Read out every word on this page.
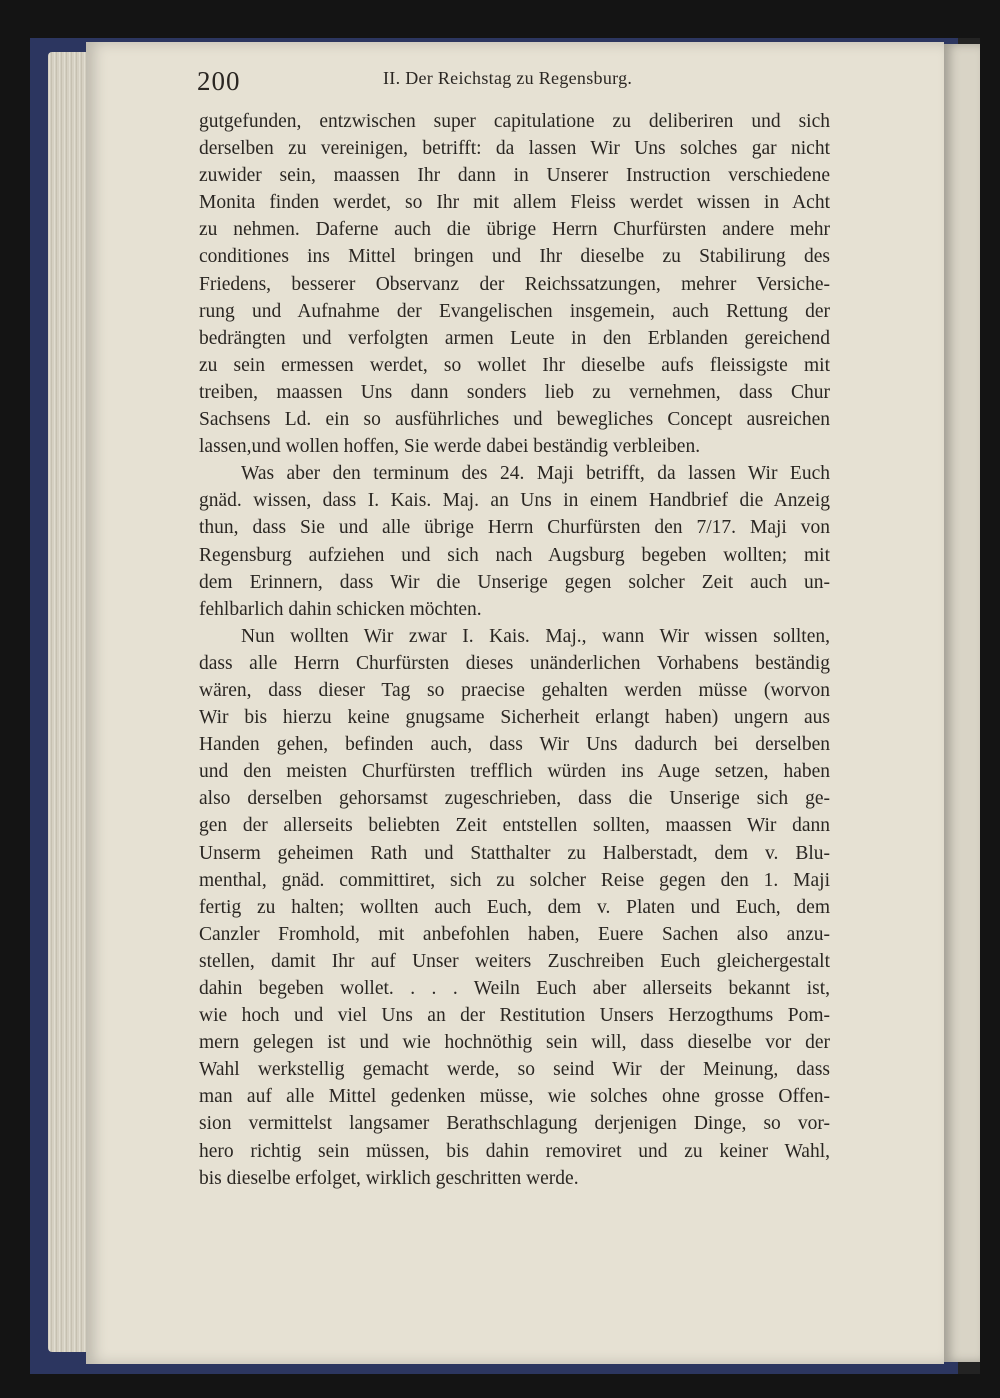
200	II. Der Reichstag zu Regensburg.
gutgefunden, entzwischen super capitulatione zu deliberiren und sich
derselben zu vereinigen, betrifft: da lassen Wir Uns solches gar nicht
zuwider sein, maassen Ihr dann in Unserer Instruction verschiedene
Monita finden werdet, so Ihr mit allem Fleiss werdet wissen in Acht
zu nehmen. Daferne auch die übrige Herrn Churfürsten andere mehr
conditiones ins Mittel bringen und Ihr dieselbe zu Stabilirung des
Friedens, besserer Observanz der Reichssatzungen, mehrer Versiche-
rung und Aufnahme der Evangelischen insgemein, auch Rettung der
bedrängten und verfolgten armen Leute in den Erblanden gereichend
zu sein ermessen werdet, so wollet Ihr dieselbe aufs fleissigste mit
treiben, maassen Uns dann sonders lieb zu vernehmen, dass Chur
Sachsens Ld. ein so ausführliches und bewegliches Concept ausreichen
lassen,und wollen hoffen, Sie werde dabei beständig verbleiben.
Was aber den terminum des 24. Maji betrifft, da lassen Wir Euch
gnäd. wissen, dass I. Kais. Maj. an Uns in einem Handbrief die Anzeig
thun, dass Sie und alle übrige Herrn Churfürsten den 7/17. Maji von
Regensburg aufziehen und sich nach Augsburg begeben wollten; mit
dem Erinnern, dass Wir die Unserige gegen solcher Zeit auch un-
fehlbarlich dahin schicken möchten.
Nun wollten Wir zwar I. Kais. Maj., wann Wir wissen sollten,
dass alle Herrn Churfürsten dieses unänderlichen Vorhabens beständig
wären, dass dieser Tag so praecise gehalten werden müsse (worvon
Wir bis hierzu keine gnugsame Sicherheit erlangt haben) ungern aus
Handen gehen, befinden auch, dass Wir Uns dadurch bei derselben
und den meisten Churfürsten trefflich würden ins Auge setzen, haben
also derselben gehorsamst zugeschrieben, dass die Unserige sich ge-
gen der allerseits beliebten Zeit entstellen sollten, maassen Wir dann
Unserm geheimen Rath und Statthalter zu Halberstadt, dem v. Blu-
menthal, gnäd. committiret, sich zu solcher Reise gegen den 1. Maji
fertig zu halten; wollten auch Euch, dem v. Platen und Euch, dem
Canzler Fromhold, mit anbefohlen haben, Euere Sachen also anzu-
stellen, damit Ihr auf Unser weiters Zuschreiben Euch gleichergestalt
dahin begeben wollet. . . . Weiln Euch aber allerseits bekannt ist,
wie hoch und viel Uns an der Restitution Unsers Herzogthums Pom-
mern gelegen ist und wie hochnöthig sein will, dass dieselbe vor der
Wahl werkstellig gemacht werde, so seind Wir der Meinung, dass
man auf alle Mittel gedenken müsse, wie solches ohne grosse Offen-
sion vermittelst langsamer Berathschlagung derjenigen Dinge, so vor-
hero richtig sein müssen, bis dahin removiret und zu keiner Wahl,
bis dieselbe erfolget, wirklich geschritten werde.
